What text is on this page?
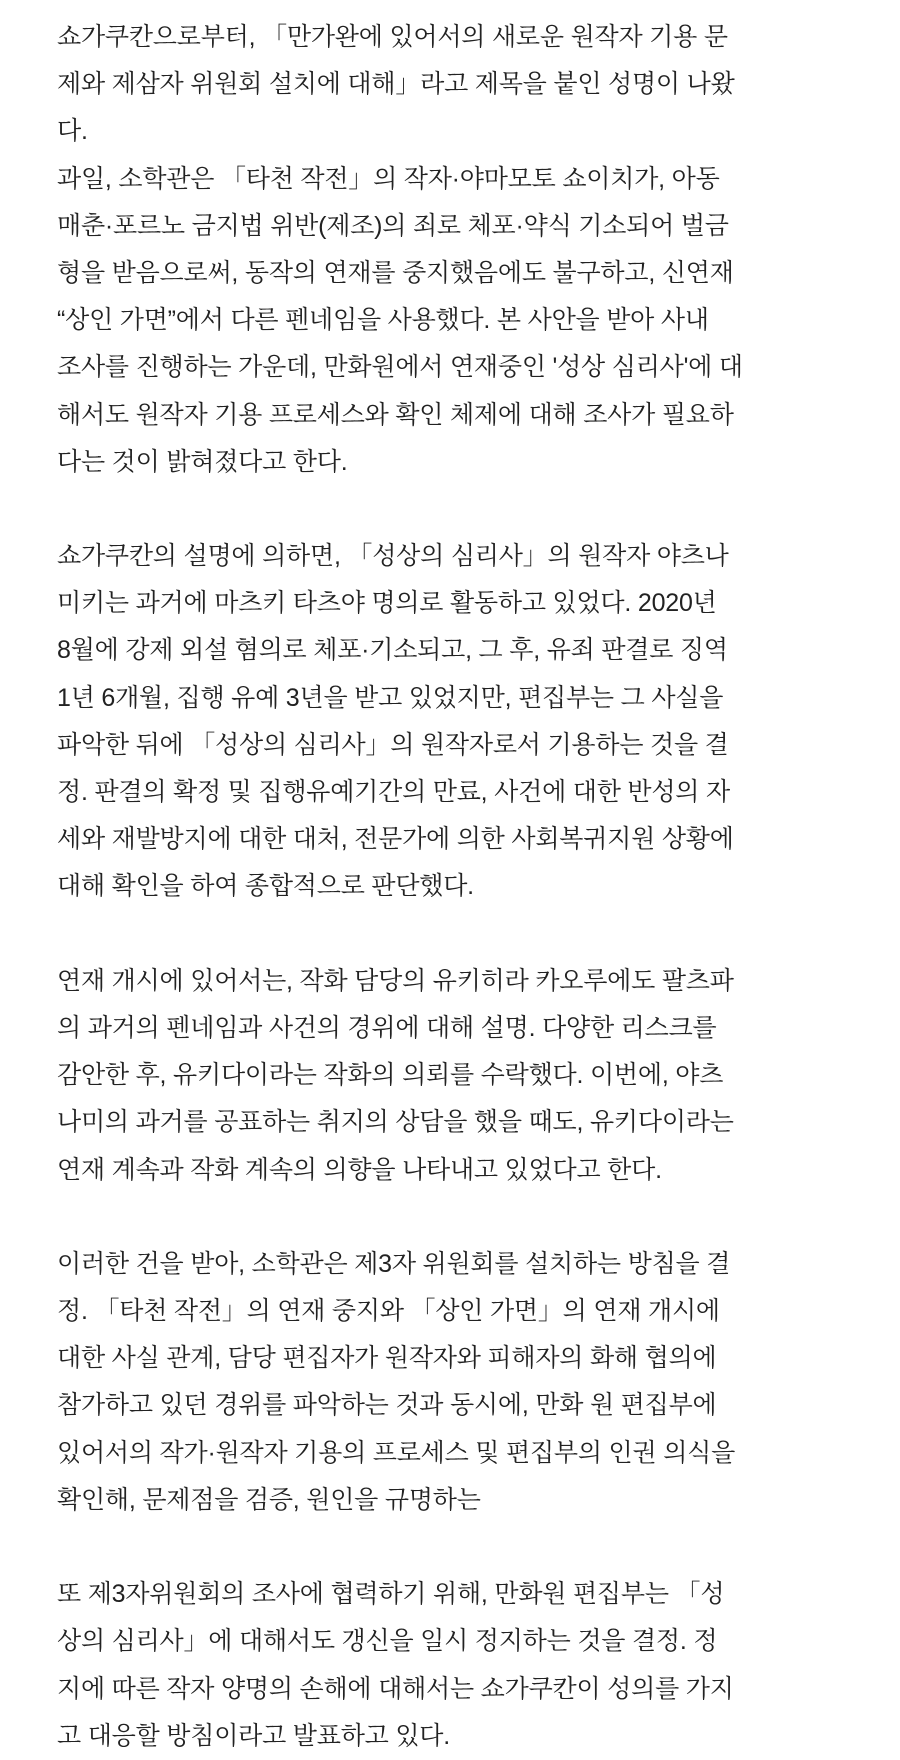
쇼가쿠칸으로부터, 「만가완에 있어서의 새로운 원작자 기용 문
제와 제삼자 위원회 설치에 대해」라고 제목을 붙인 성명이 나왔
다.
과일, 소학관은 「타천 작전」의 작자·야마모토 쇼이치가, 아동
매춘·포르노 금지법 위반(제조)의 죄로 체포·약식 기소되어 벌금
형을 받음으로써, 동작의 연재를 중지했음에도 불구하고, 신연재
“상인 가면”에서 다른 펜네임을 사용했다. 본 사안을 받아 사내
조사를 진행하는 가운데, 만화원에서 연재중인 '성상 심리사'에 대
해서도 원작자 기용 프로세스와 확인 체제에 대해 조사가 필요하
다는 것이 밝혀졌다고 한다.
쇼가쿠칸의 설명에 의하면, 「성상의 심리사」의 원작자 야츠나
미키는 과거에 마츠키 타츠야 명의로 활동하고 있었다. 2020년
8월에 강제 외설 혐의로 체포·기소되고, 그 후, 유죄 판결로 징역
1년 6개월, 집행 유예 3년을 받고 있었지만, 편집부는 그 사실을
파악한 뒤에 「성상의 심리사」의 원작자로서 기용하는 것을 결
정. 판결의 확정 및 집행유예기간의 만료, 사건에 대한 반성의 자
세와 재발방지에 대한 대처, 전문가에 의한 사회복귀지원 상황에
대해 확인을 하여 종합적으로 판단했다.
연재 개시에 있어서는, 작화 담당의 유키히라 카오루에도 팔츠파
의 과거의 펜네임과 사건의 경위에 대해 설명. 다양한 리스크를
감안한 후, 유키다이라는 작화의 의뢰를 수락했다. 이번에, 야츠
나미의 과거를 공표하는 취지의 상담을 했을 때도, 유키다이라는
연재 계속과 작화 계속의 의향을 나타내고 있었다고 한다.
이러한 건을 받아, 소학관은 제3자 위원회를 설치하는 방침을 결
정. 「타천 작전」의 연재 중지와 「상인 가면」의 연재 개시에
대한 사실 관계, 담당 편집자가 원작자와 피해자의 화해 협의에
참가하고 있던 경위를 파악하는 것과 동시에, 만화 원 편집부에
있어서의 작가·원작자 기용의 프로세스 및 편집부의 인권 의식을
확인해, 문제점을 검증, 원인을 규명하는
또 제3자위원회의 조사에 협력하기 위해, 만화원 편집부는 「성
상의 심리사」에 대해서도 갱신을 일시 정지하는 것을 결정. 정
지에 따른 작자 양명의 손해에 대해서는 쇼가쿠칸이 성의를 가지
고 대응할 방침이라고 발표하고 있다.
